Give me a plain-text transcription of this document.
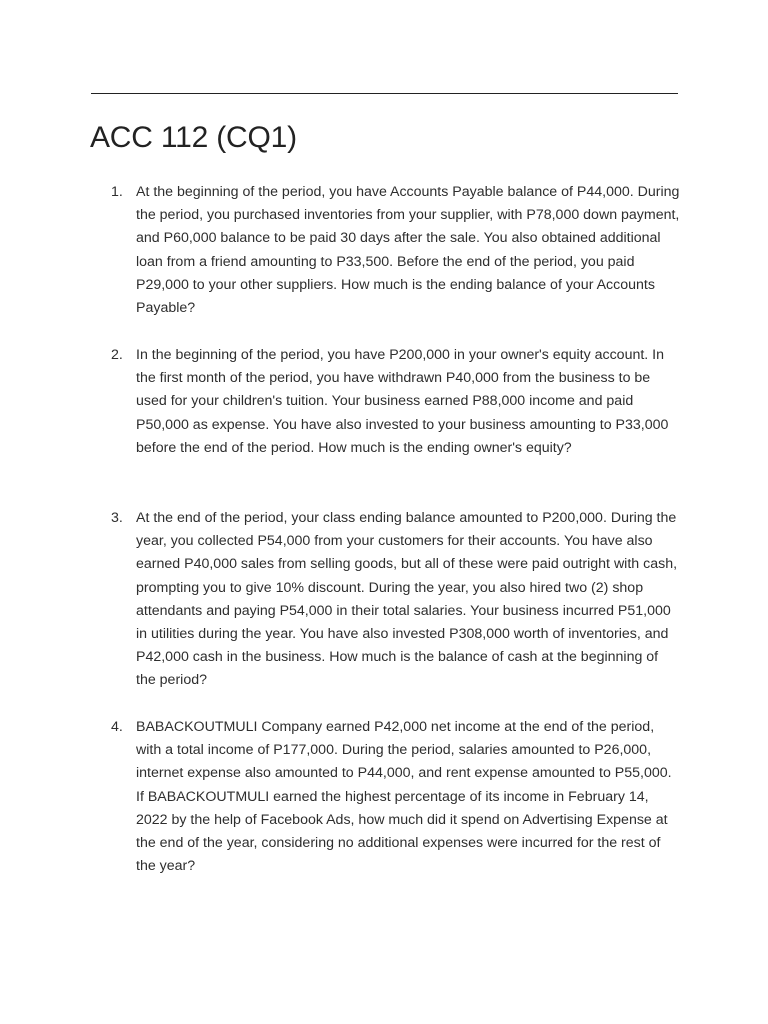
ACC 112 (CQ1)
1. At the beginning of the period, you have Accounts Payable balance of P44,000. During the period, you purchased inventories from your supplier, with P78,000 down payment, and P60,000 balance to be paid 30 days after the sale. You also obtained additional loan from a friend amounting to P33,500. Before the end of the period, you paid P29,000 to your other suppliers. How much is the ending balance of your Accounts Payable?
2. In the beginning of the period, you have P200,000 in your owner's equity account. In the first month of the period, you have withdrawn P40,000 from the business to be used for your children's tuition. Your business earned P88,000 income and paid P50,000 as expense. You have also invested to your business amounting to P33,000 before the end of the period. How much is the ending owner's equity?
3. At the end of the period, your class ending balance amounted to P200,000. During the year, you collected P54,000 from your customers for their accounts. You have also earned P40,000 sales from selling goods, but all of these were paid outright with cash, prompting you to give 10% discount. During the year, you also hired two (2) shop attendants and paying P54,000 in their total salaries. Your business incurred P51,000 in utilities during the year. You have also invested P308,000 worth of inventories, and P42,000 cash in the business. How much is the balance of cash at the beginning of the period?
4. BABACKOUTMULI Company earned P42,000 net income at the end of the period, with a total income of P177,000. During the period, salaries amounted to P26,000, internet expense also amounted to P44,000, and rent expense amounted to P55,000. If BABACKOUTMULI earned the highest percentage of its income in February 14, 2022 by the help of Facebook Ads, how much did it spend on Advertising Expense at the end of the year, considering no additional expenses were incurred for the rest of the year?
